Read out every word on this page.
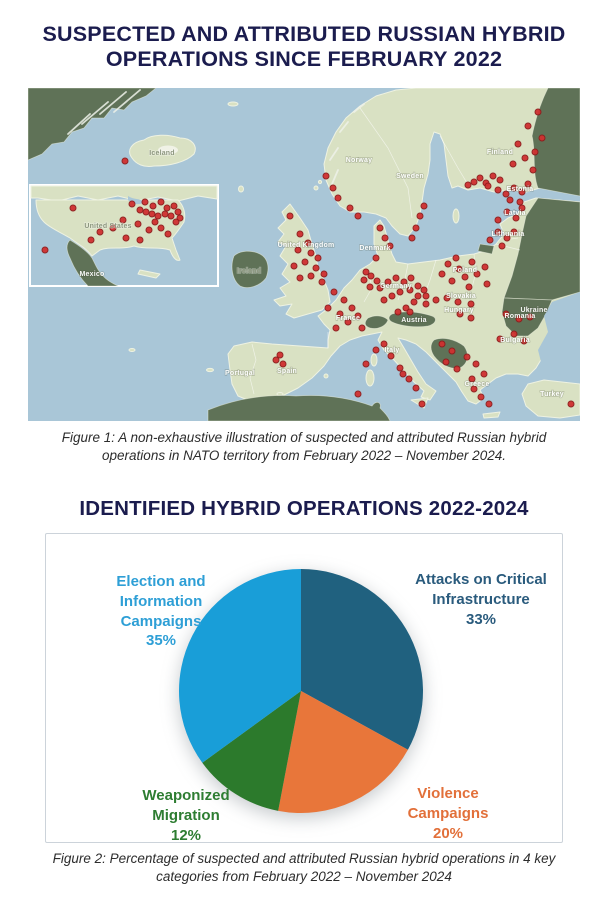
SUSPECTED AND ATTRIBUTED RUSSIAN HYBRID
OPERATIONS SINCE FEBRUARY 2022
United States
Mexico
Iceland
Ireland
United Kingdom
Norway
Sweden
Finland
Estonia
Latvia
Lithuania
Poland
Germany
Denmark
France
Portugal	Spain
Italy
Austria
Slovakia
Hungary	Ukraine
Romania
Bulgaria
Greece
Turkey
Figure 1: A non-exhaustive illustration of suspected and attributed Russian hybrid operations in NATO territory from February 2022 – November 2024.
IDENTIFIED HYBRID OPERATIONS 2022-2024
Attacks on Critical Infrastructure
33%
Violence Campaigns
20%
Weaponized Migration
12%
Election and Information Campaigns
35%
Figure 2: Percentage of suspected and attributed Russian hybrid operations in 4 key categories from February 2022 – November 2024
